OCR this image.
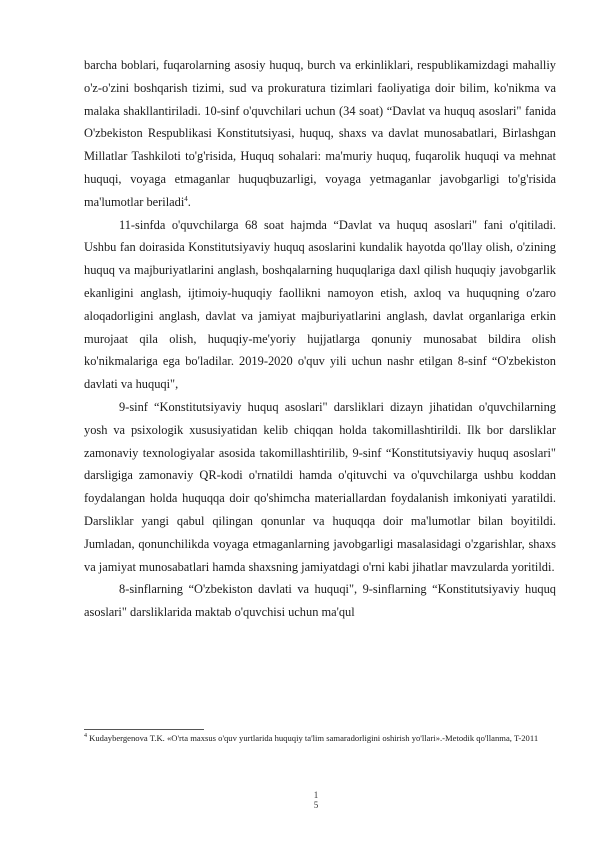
barcha boblari, fuqarolarning asosiy huquq, burch va erkinliklari, respublikamizdagi mahalliy o'z-o'zini boshqarish tizimi, sud va prokuratura tizimlari faoliyatiga doir bilim, ko'nikma va malaka shakllantiriladi. 10-sinf o'quvchilari uchun (34 soat) “Davlat va huquq asoslari" fanida O'zbekiston Respublikasi Konstitutsiyasi, huquq, shaxs va davlat munosabatlari, Birlashgan Millatlar Tashkiloti to'g'risida, Huquq sohalari: ma'muriy huquq, fuqarolik huquqi va mehnat huquqi, voyaga etmaganlar huquqbuzarligi, voyaga yetmaganlar javobgarligi to'g'risida ma'lumotlar beriladi$^4$.

11-sinfda o'quvchilarga 68 soat hajmda “Davlat va huquq asoslari" fani o'qitiladi. Ushbu fan doirasida Konstitutsiyaviy huquq asoslarini kundalik hayotda qo'llay olish, o'zining huquq va majburiyatlarini anglash, boshqalarning huquqlariga daxl qilish huquqiy javobgarlik ekanligini anglash, ijtimoiy-huquqiy faollikni namoyon etish, axloq va huquqning o'zaro aloqadorligini anglash, davlat va jamiyat majburiyatlarini anglash, davlat organlariga erkin murojaat qila olish, huquqiy-me'yoriy hujjatlarga qonuniy munosabat bildira olish ko'nikmalariga ega bo'ladilar. 2019-2020 o'quv yili uchun nashr etilgan 8-sinf “O'zbekiston davlati va huquqi",

9-sinf “Konstitutsiyaviy huquq asoslari" darsliklari dizayn jihatidan o'quvchilarning yosh va psixologik xususiyatidan kelib chiqqan holda takomillashtirildi. Ilk bor darsliklar zamonaviy texnologiyalar asosida takomillashtirilib, 9-sinf “Konstitutsiyaviy huquq asoslari" darsligiga zamonaviy QR-kodi o'rnatildi hamda o'qituvchi va o'quvchilarga ushbu koddan foydalangan holda huquqqa doir qo'shimcha materiallardan foydalanish imkoniyati yaratildi. Darsliklar yangi qabul qilingan qonunlar va huquqqa doir ma'lumotlar bilan boyitildi. Jumladan, qonunchilikda voyaga etmaganlarning javobgarligi masalasidagi o'zgarishlar, shaxs va jamiyat munosabatlari hamda shaxsning jamiyatdagi o'rni kabi jihatlar mavzularda yoritildi.

8-sinflarning “O'zbekiston davlati va huquqi", 9-sinflarning “Konstitutsiyaviy huquq asoslari" darsliklarida maktab o'quvchisi uchun ma'qul

$^4$ Kudaybergenova T.K. «O'rta maxsus o'quv yurtlarida huquqiy ta'lim samaradorligini oshirish yo'llari».-Metodik qo'llanma, T-2011
1
5
